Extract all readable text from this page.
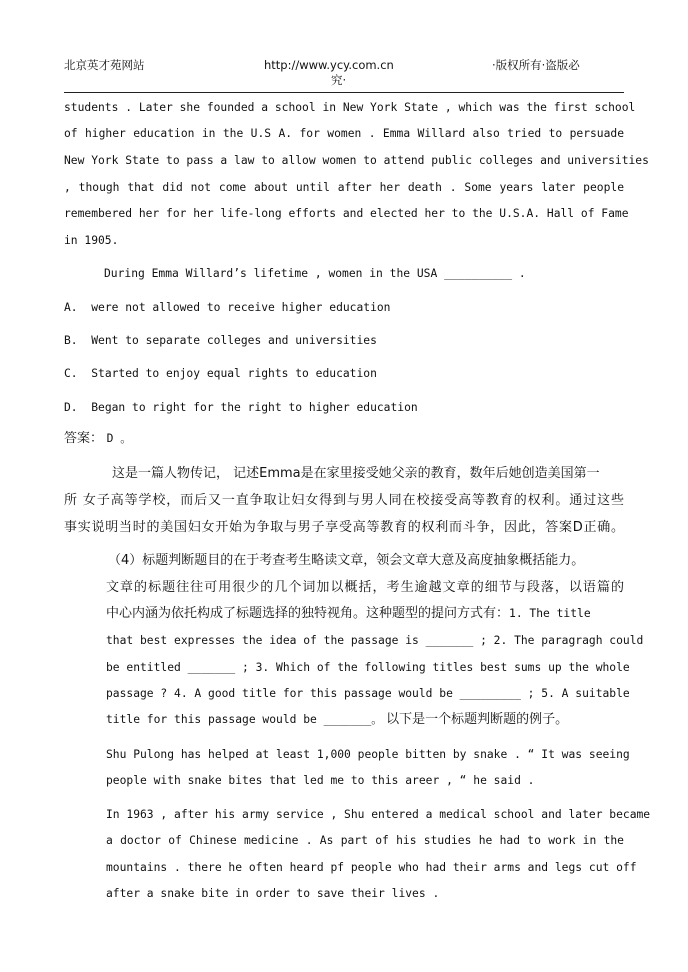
北京英才苑网站	http://www.ycy.com.cn
究·
·版权所有·盗版必
students . Later she founded a school in New York State , which was the first school
of higher education in the U.S A. for women . Emma Willard also tried to persuade
New York State to pass a law to allow women to attend public colleges and universities
, though that did not come about until after her death . Some years later people
remembered her for her life-long efforts and elected her to the U.S.A. Hall of Fame
in 1905.
During Emma Willard’s lifetime , women in the USA __________ .
A. were not allowed to receive higher education
B. Went to separate colleges and universities
C. Started to enjoy equal rights to education
D. Began to right for the right to higher education
答案： D 。
这是一篇人物传记， 记述Emma是在家里接受她父亲的教育，数年后她创造美国第一
所 女子高等学校，而后又一直争取让妇女得到与男人同在校接受高等教育的权利。通过这些
事实说明当时的美国妇女开始为争取与男子享受高等教育的权利而斗争，因此，答案D正确。
（4）标题判断题目的在于考查考生略读文章，领会文章大意及高度抽象概括能力。
文章的标题往往可用很少的几个词加以概括，考生逾越文章的细节与段落，以语篇的
中心内涵为依托构成了标题选择的独特视角。这种题型的提问方式有：1. The title
that best expresses the idea of the passage is _______ ; 2. The paragragh could
be entitled _______ ; 3. Which of the following titles best sums up the whole
passage ? 4. A good title for this passage would be _________ ; 5. A suitable
title for this passage would be _______。 以下是一个标题判断题的例子。
Shu Pulong has helped at least 1,000 people bitten by snake . “ It was seeing
people with snake bites that led me to this areer , “ he said .
In 1963 , after his army service , Shu entered a medical school and later became
a doctor of Chinese medicine . As part of his studies he had to work in the
mountains . there he often heard pf people who had their arms and legs cut off
after a snake bite in order to save their lives .
